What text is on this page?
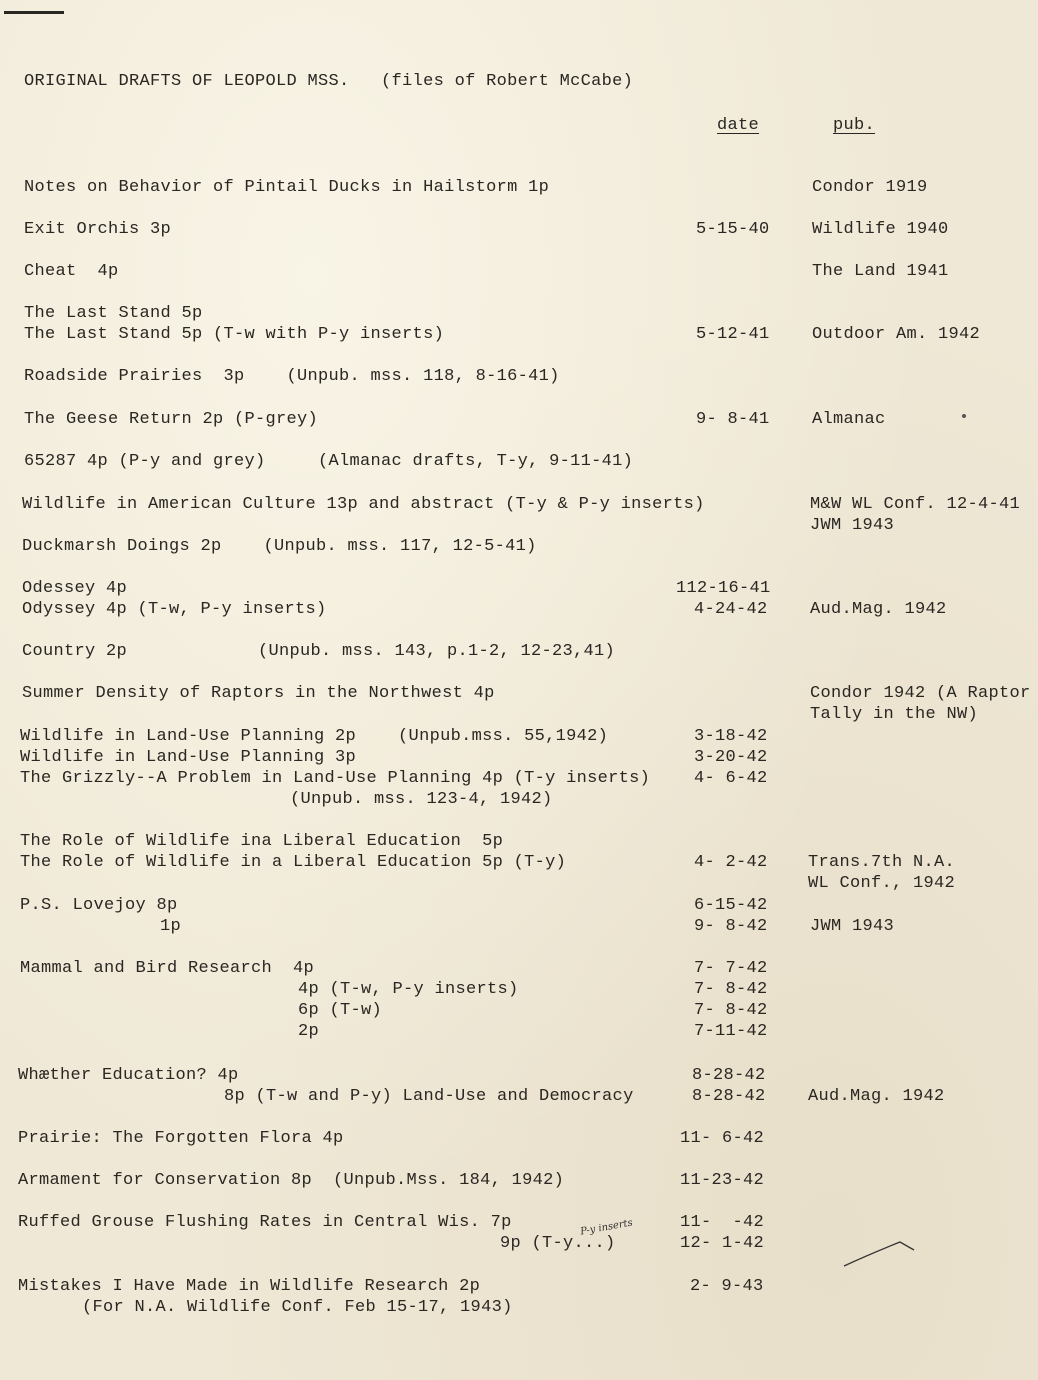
ORIGINAL DRAFTS OF LEOPOLD MSS.   (files of Robert McCabe)
date	pub.
Notes on Behavior of Pintail Ducks in Hailstorm 1p	Condor 1919
Exit Orchis 3p	5-15-40 Wildlife 1940
Cheat  4p	The Land 1941
The Last Stand 5p
The Last Stand 5p (T-w with P-y inserts)	5-12-41 Outdoor Am. 1942
Roadside Prairies  3p    (Unpub. mss. 118, 8-16-41)
The Geese Return 2p (P-grey)	9- 8-41 Almanac
65287 4p (P-y and grey)     (Almanac drafts, T-y, 9-11-41)
Wildlife in American Culture 13p and abstract (T-y & P-y inserts)	M&W WL Conf. 12-4-41
JWM 1943
Duckmarsh Doings 2p    (Unpub. mss. 117, 12-5-41)
Odessey 4p	112-16-41
Odyssey 4p (T-w, P-y inserts)	4-24-42 Aud.Mag. 1942
Country 2p	(Unpub. mss. 143, p.1-2, 12-23,41)
Summer Density of Raptors in the Northwest 4p	Condor 1942 (A Raptor
Tally in the NW)
Wildlife in Land-Use Planning 2p    (Unpub.mss. 55,1942)	3-18-42
Wildlife in Land-Use Planning 3p	3-20-42
The Grizzly--A Problem in Land-Use Planning 4p (T-y inserts)	4- 6-42
(Unpub. mss. 123-4, 1942)
The Role of Wildlife ina Liberal Education  5p
The Role of Wildlife in a Liberal Education 5p (T-y)	4- 2-42 Trans.7th N.A.
WL Conf., 1942
P.S. Lovejoy 8p	6-15-42
1p	9- 8-42 JWM 1943
Mammal and Bird Research  4p	7- 7-42
4p (T-w, P-y inserts)	7- 8-42
6p (T-w)	7- 8-42
2p	7-11-42
Whæther Education? 4p	8-28-42
8p (T-w and P-y) Land-Use and Democracy	8-28-42 Aud.Mag. 1942
Prairie: The Forgotten Flora 4p	11- 6-42
Armament for Conservation 8p  (Unpub.Mss. 184, 1942)	11-23-42
Ruffed Grouse Flushing Rates in Central Wis. 7p	11-  -42
9p (T-y...)	12- 1-42
P-y inserts
Mistakes I Have Made in Wildlife Research 2p	2- 9-43
(For N.A. Wildlife Conf. Feb 15-17, 1943)
